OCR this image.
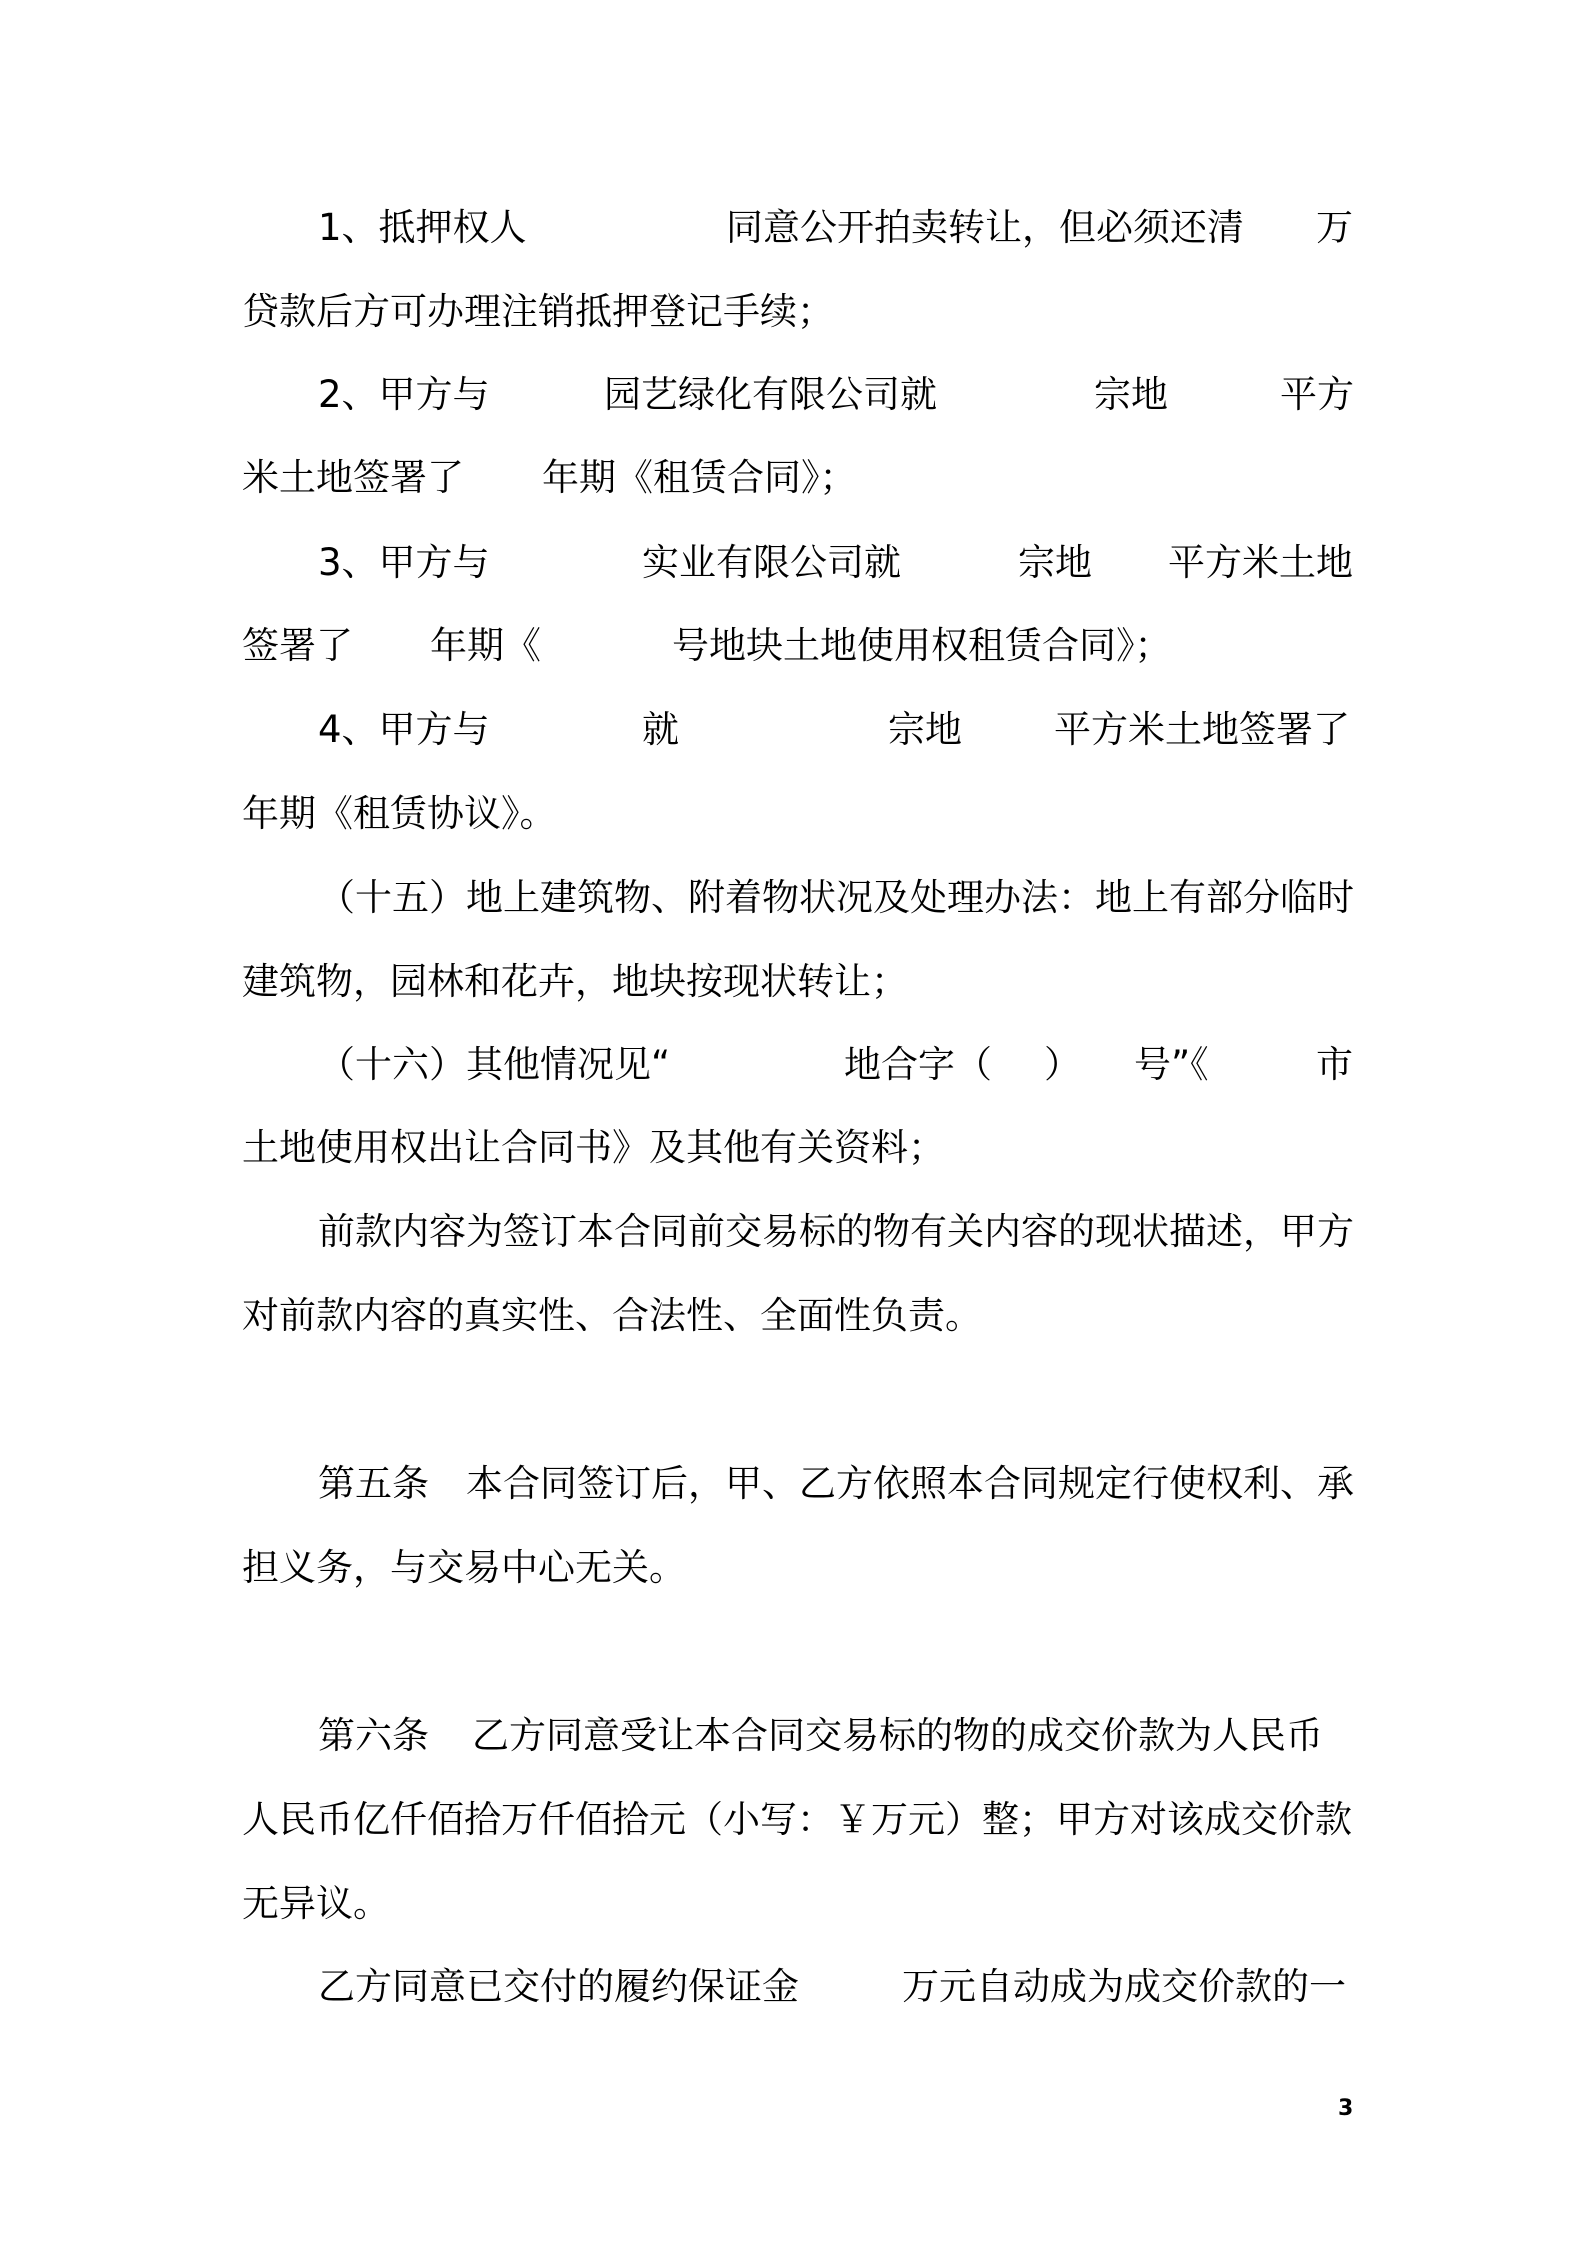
1、抵押权人	同意公开拍卖转让，但必须还清 万
贷款后方可办理注销抵押登记手续；
2、甲方与	园艺绿化有限公司就	宗地	平方
米土地签署了 年期《租赁合同》；
3、甲方与	实业有限公司就	宗地 平方米土地
签署了 年期《	号地块土地使用权租赁合同》；
4、甲方与	就	宗地 平方米土地签署了
年期《租赁协议》。
（十五）地上建筑物、附着物状况及处理办法：地上有部分临时
建筑物，园林和花卉，地块按现状转让；
（十六）其他情况见“	地合字（ ） 号”《	市
土地使用权出让合同书》及其他有关资料；
前款内容为签订本合同前交易标的物有关内容的现状描述，甲方
对前款内容的真实性、合法性、全面性负责。
第五条 本合同签订后，甲、乙方依照本合同规定行使权利、承
担义务，与交易中心无关。
第六条 乙方同意受让本合同交易标的物的成交价款为人民币
人民币亿仟佰拾万仟佰拾元（小写：￥万元）整；甲方对该成交价款
无异议。
乙方同意已交付的履约保证金	万元自动成为成交价款的一
3
